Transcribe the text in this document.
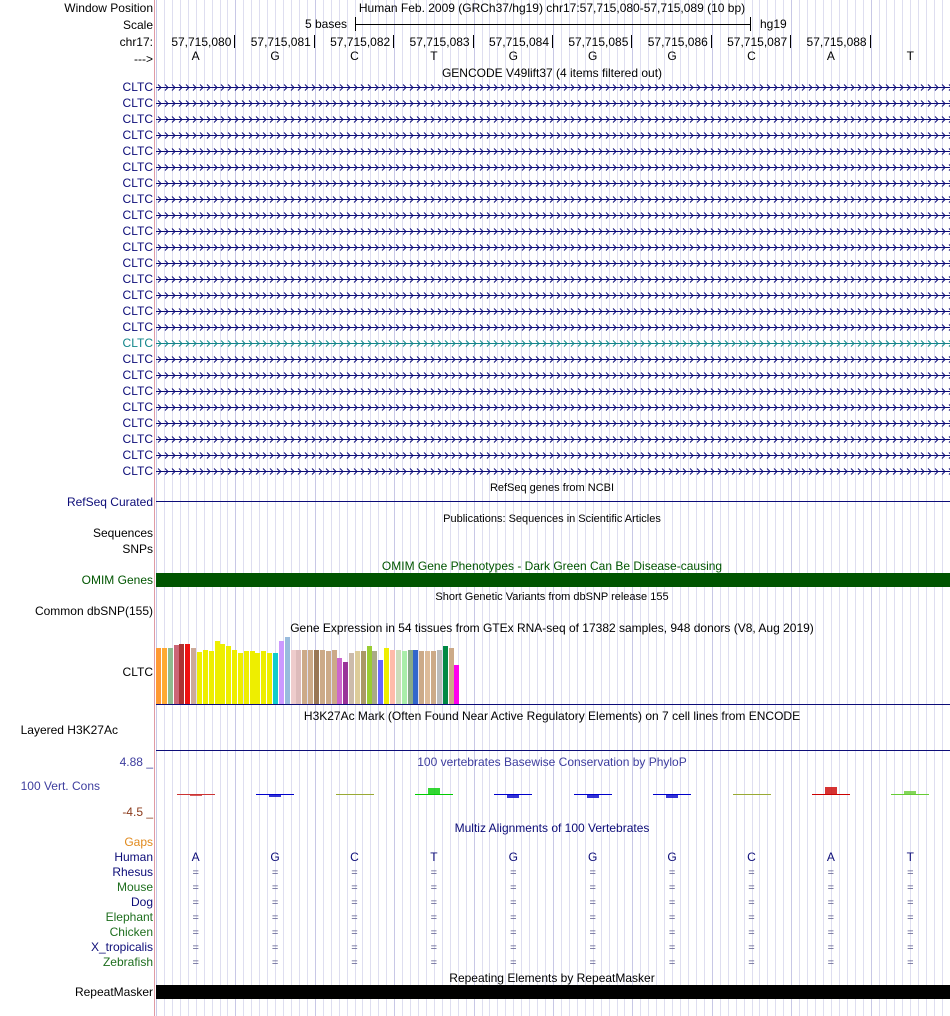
Window Position	Human Feb. 2009 (GRCh37/hg19) chr17:57,715,080-57,715,089 (10 bp)
Scale	5 bases	hg19
chr17:
--->
57,715,080 57,715,081 57,715,082 57,715,083 57,715,084 57,715,085 57,715,086 57,715,087 57,715,088
A	G	C	T	G	G	G	C	A	T
GENCODE V49lift37 (4 items filtered out)
CLTC
CLTC
CLTC
CLTC
CLTC
CLTC
CLTC
CLTC
CLTC
CLTC
CLTC
CLTC
CLTC
CLTC
CLTC
CLTC
CLTC
CLTC
CLTC
CLTC
CLTC
CLTC
CLTC
CLTC
CLTC
RefSeq Curated
RefSeq genes from NCBI
Publications: Sequences in Scientific Articles
Sequences
SNPs
OMIM Gene Phenotypes - Dark Green Can Be Disease-causing
OMIM Genes
Short Genetic Variants from dbSNP release 155
Common dbSNP(155)
Gene Expression in 54 tissues from GTEx RNA-seq of 17382 samples, 948 donors (V8, Aug 2019)
CLTC
H3K27Ac Mark (Often Found Near Active Regulatory Elements) on 7 cell lines from ENCODE
Layered H3K27Ac
100 vertebrates Basewise Conservation by PhyloP
4.88 _
100 Vert. Cons
-4.5 _
Multiz Alignments of 100 Vertebrates
Gaps
Human	A	G	C	T	G	G	G	C	A	T
Rhesus	=	=	=	=	=	=	=	=	=	=
Mouse	=	=	=	=	=	=	=	=	=	=
Dog	=	=	=	=	=	=	=	=	=	=
Elephant	=	=	=	=	=	=	=	=	=	=
Chicken	=	=	=	=	=	=	=	=	=	=
X_tropicalis	=	=	=	=	=	=	=	=	=	=
Zebrafish	=	=	=	=	=	=	=	=	=	=
Repeating Elements by RepeatMasker
RepeatMasker
